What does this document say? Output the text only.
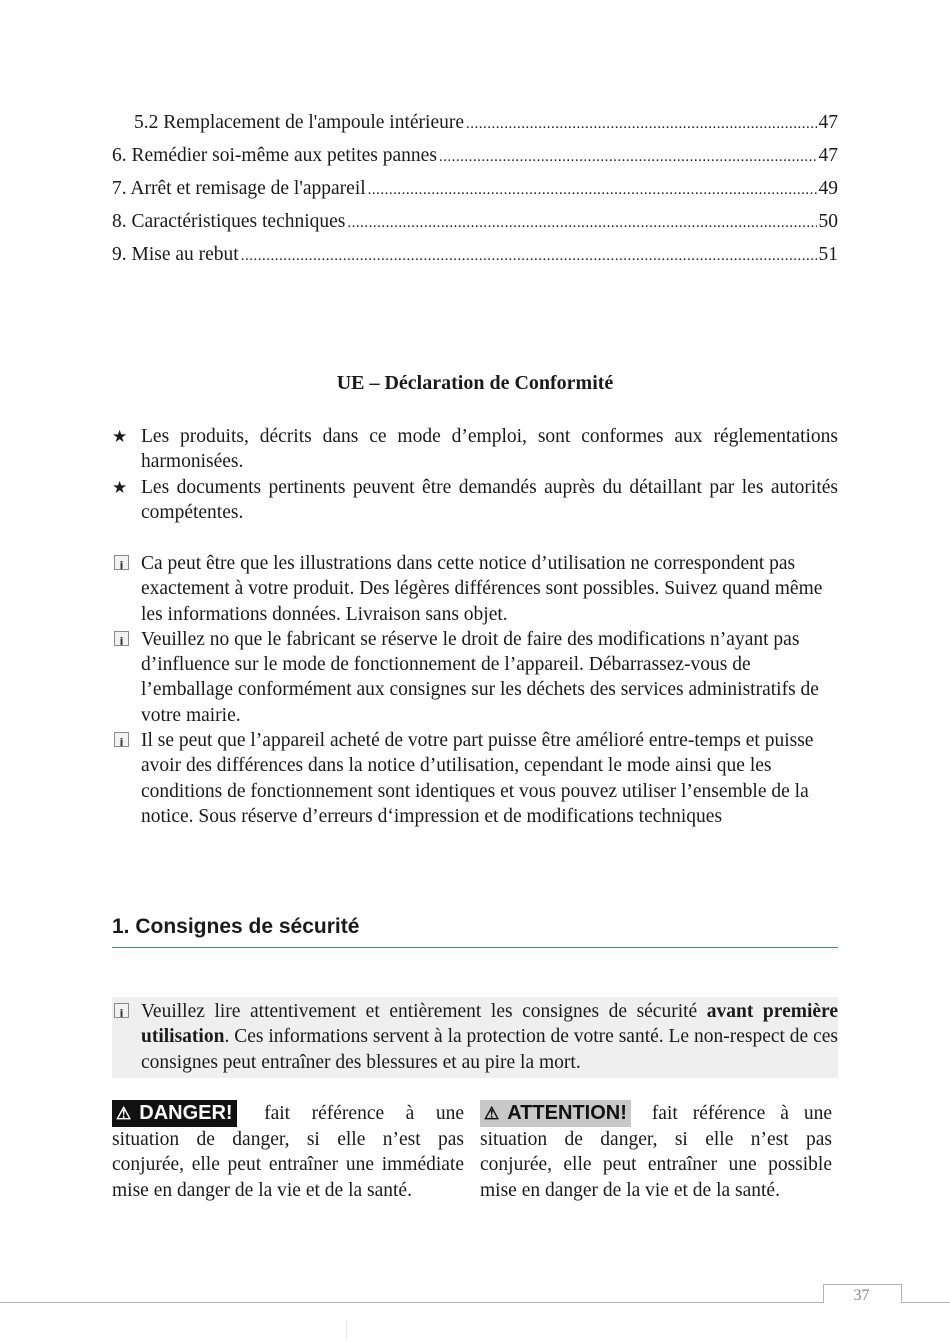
5.2 Remplacement de l'ampoule intérieure .....	47
6. Remédier soi-même aux petites pannes .....	47
7. Arrêt et remisage de l'appareil .....	49
8. Caractéristiques techniques .....	50
9. Mise au rebut .....	51
UE – Déclaration de Conformité
★ Les produits, décrits dans ce mode d’emploi, sont conformes aux réglementations harmonisées.
★ Les documents pertinents peuvent être demandés auprès du détaillant par les autorités compétentes.
i
Ca peut être que les illustrations dans cette notice d’utilisation ne correspondent pas exactement à votre produit. Des légères différences sont possibles. Suivez quand même les informations données. Livraison sans objet.
i
Veuillez no que le fabricant se réserve le droit de faire des modifications n’ayant pas d’influence sur le mode de fonctionnement de l’appareil. Débarrassez-vous de l’emballage conformément aux consignes sur les déchets des services administratifs de votre mairie.
i
Il se peut que l’appareil acheté de votre part puisse être amélioré entre-temps et puisse avoir des différences dans la notice d’utilisation, cependant le mode ainsi que les conditions de fonctionnement sont identiques et vous pouvez utiliser l’ensemble de la notice. Sous réserve d’erreurs d‘impression et de modifications techniques
1. Consignes de sécurité
i
Veuillez lire attentivement et entièrement les consignes de sécurité avant première utilisation. Ces informations servent à la protection de votre santé. Le non-respect de ces consignes peut entraîner des blessures et au pire la mort.
⚠ DANGER! fait référence à une situation de danger, si elle n’est pas conjurée, elle peut entraîner une immédiate mise en danger de la vie et de la santé.
⚠ ATTENTION! fait référence à une situation de danger, si elle n’est pas conjurée, elle peut entraîner une possible mise en danger de la vie et de la santé.
37
